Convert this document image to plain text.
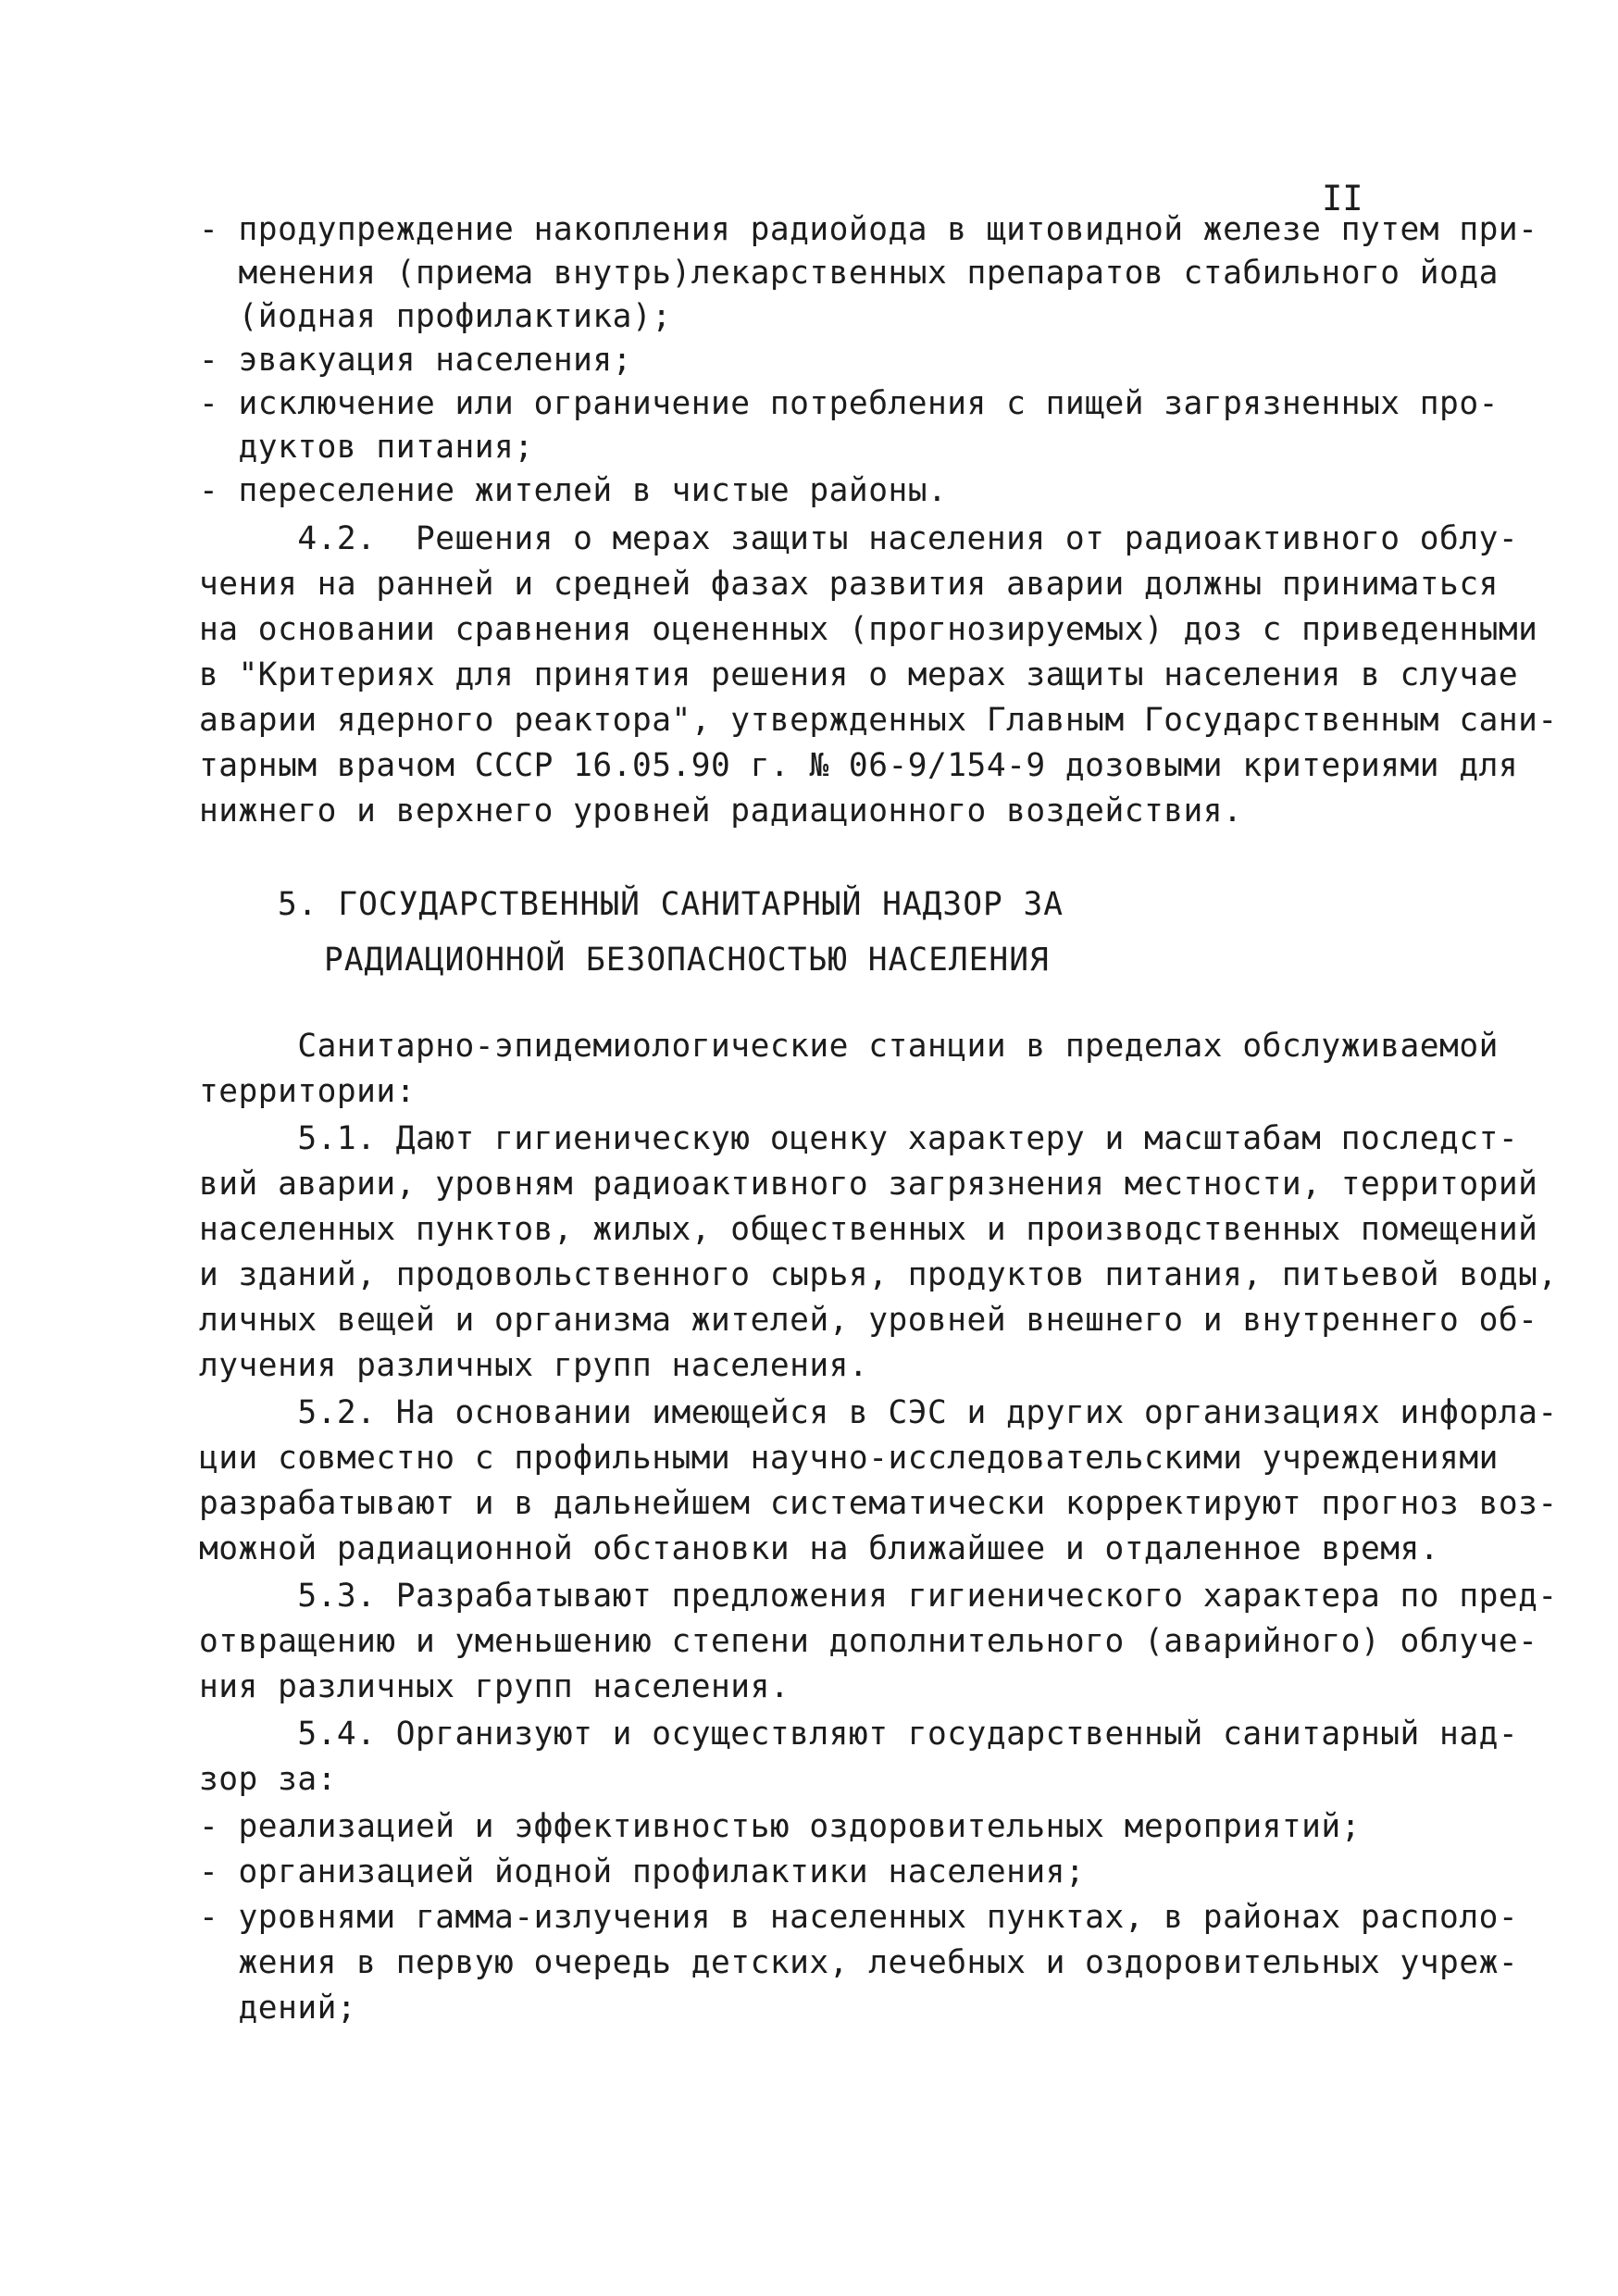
II
- продупреждение накопления радиойода в щитовидной железе путем при-
менения (приема внутрь)лекарственных препаратов стабильного йода
(йодная профилактика);
- эвакуация населения;
- исключение или ограничение потребления с пищей загрязненных про-
дуктов питания;
- переселение жителей в чистые районы.
4.2.  Решения о мерах защиты населения от радиоактивного облу-
чения на ранней и средней фазах развития аварии должны приниматься
на основании сравнения оцененных (прогнозируемых) доз с приведенными
в "Критериях для принятия решения о мерах защиты населения в случае
аварии ядерного реактора", утвержденных Главным Государственным сани-
тарным врачом СССР 16.05.90 г. № 06-9/154-9 дозовыми критериями для
нижнего и верхнего уровней радиационного воздействия.
5. ГОСУДАРСТВЕННЫЙ САНИТАРНЫЙ НАДЗОР ЗА
РАДИАЦИОННОЙ БЕЗОПАСНОСТЬЮ НАСЕЛЕНИЯ
Санитарно-эпидемиологические станции в пределах обслуживаемой
территории:
5.1. Дают гигиеническую оценку характеру и масштабам последст-
вий аварии, уровням радиоактивного загрязнения местности, территорий
населенных пунктов, жилых, общественных и производственных помещений
и зданий, продовольственного сырья, продуктов питания, питьевой воды,
личных вещей и организма жителей, уровней внешнего и внутреннего об-
лучения различных групп населения.
5.2. На основании имеющейся в СЭС и других организациях инфорла-
ции совместно с профильными научно-исследовательскими учреждениями
разрабатывают и в дальнейшем систематически корректируют прогноз воз-
можной радиационной обстановки на ближайшее и отдаленное время.
5.3. Разрабатывают предложения гигиенического характера по пред-
отвращению и уменьшению степени дополнительного (аварийного) облуче-
ния различных групп населения.
5.4. Организуют и осуществляют государственный санитарный над-
зор за:
- реализацией и эффективностью оздоровительных мероприятий;
- организацией йодной профилактики населения;
- уровнями гамма-излучения в населенных пунктах, в районах располо-
жения в первую очередь детских, лечебных и оздоровительных учреж-
дений;
